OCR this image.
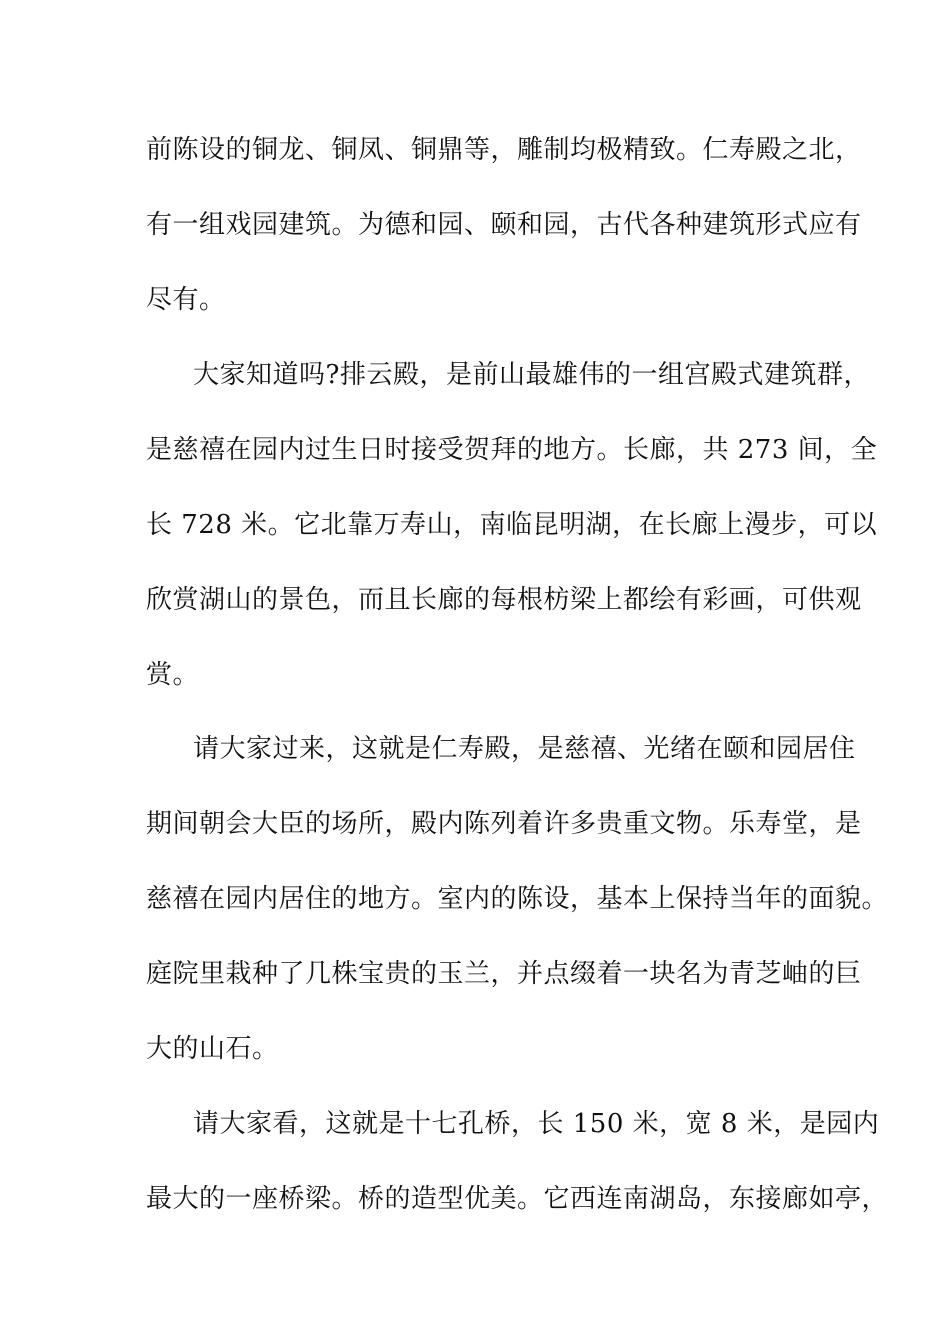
前陈设的铜龙、铜凤、铜鼎等，雕制均极精致。仁寿殿之北，
有一组戏园建筑。为德和园、颐和园，古代各种建筑形式应有
尽有。
大家知道吗?排云殿，是前山最雄伟的一组宫殿式建筑群，
是慈禧在园内过生日时接受贺拜的地方。长廊，共 273 间，全
长 728 米。它北靠万寿山，南临昆明湖，在长廊上漫步，可以
欣赏湖山的景色，而且长廊的每根枋梁上都绘有彩画，可供观
赏。
请大家过来，这就是仁寿殿，是慈禧、光绪在颐和园居住
期间朝会大臣的场所，殿内陈列着许多贵重文物。乐寿堂，是
慈禧在园内居住的地方。室内的陈设，基本上保持当年的面貌。
庭院里栽种了几株宝贵的玉兰，并点缀着一块名为青芝岫的巨
大的山石。
请大家看，这就是十七孔桥，长 150 米，宽 8 米，是园内
最大的一座桥梁。桥的造型优美。它西连南湖岛，东接廊如亭，
